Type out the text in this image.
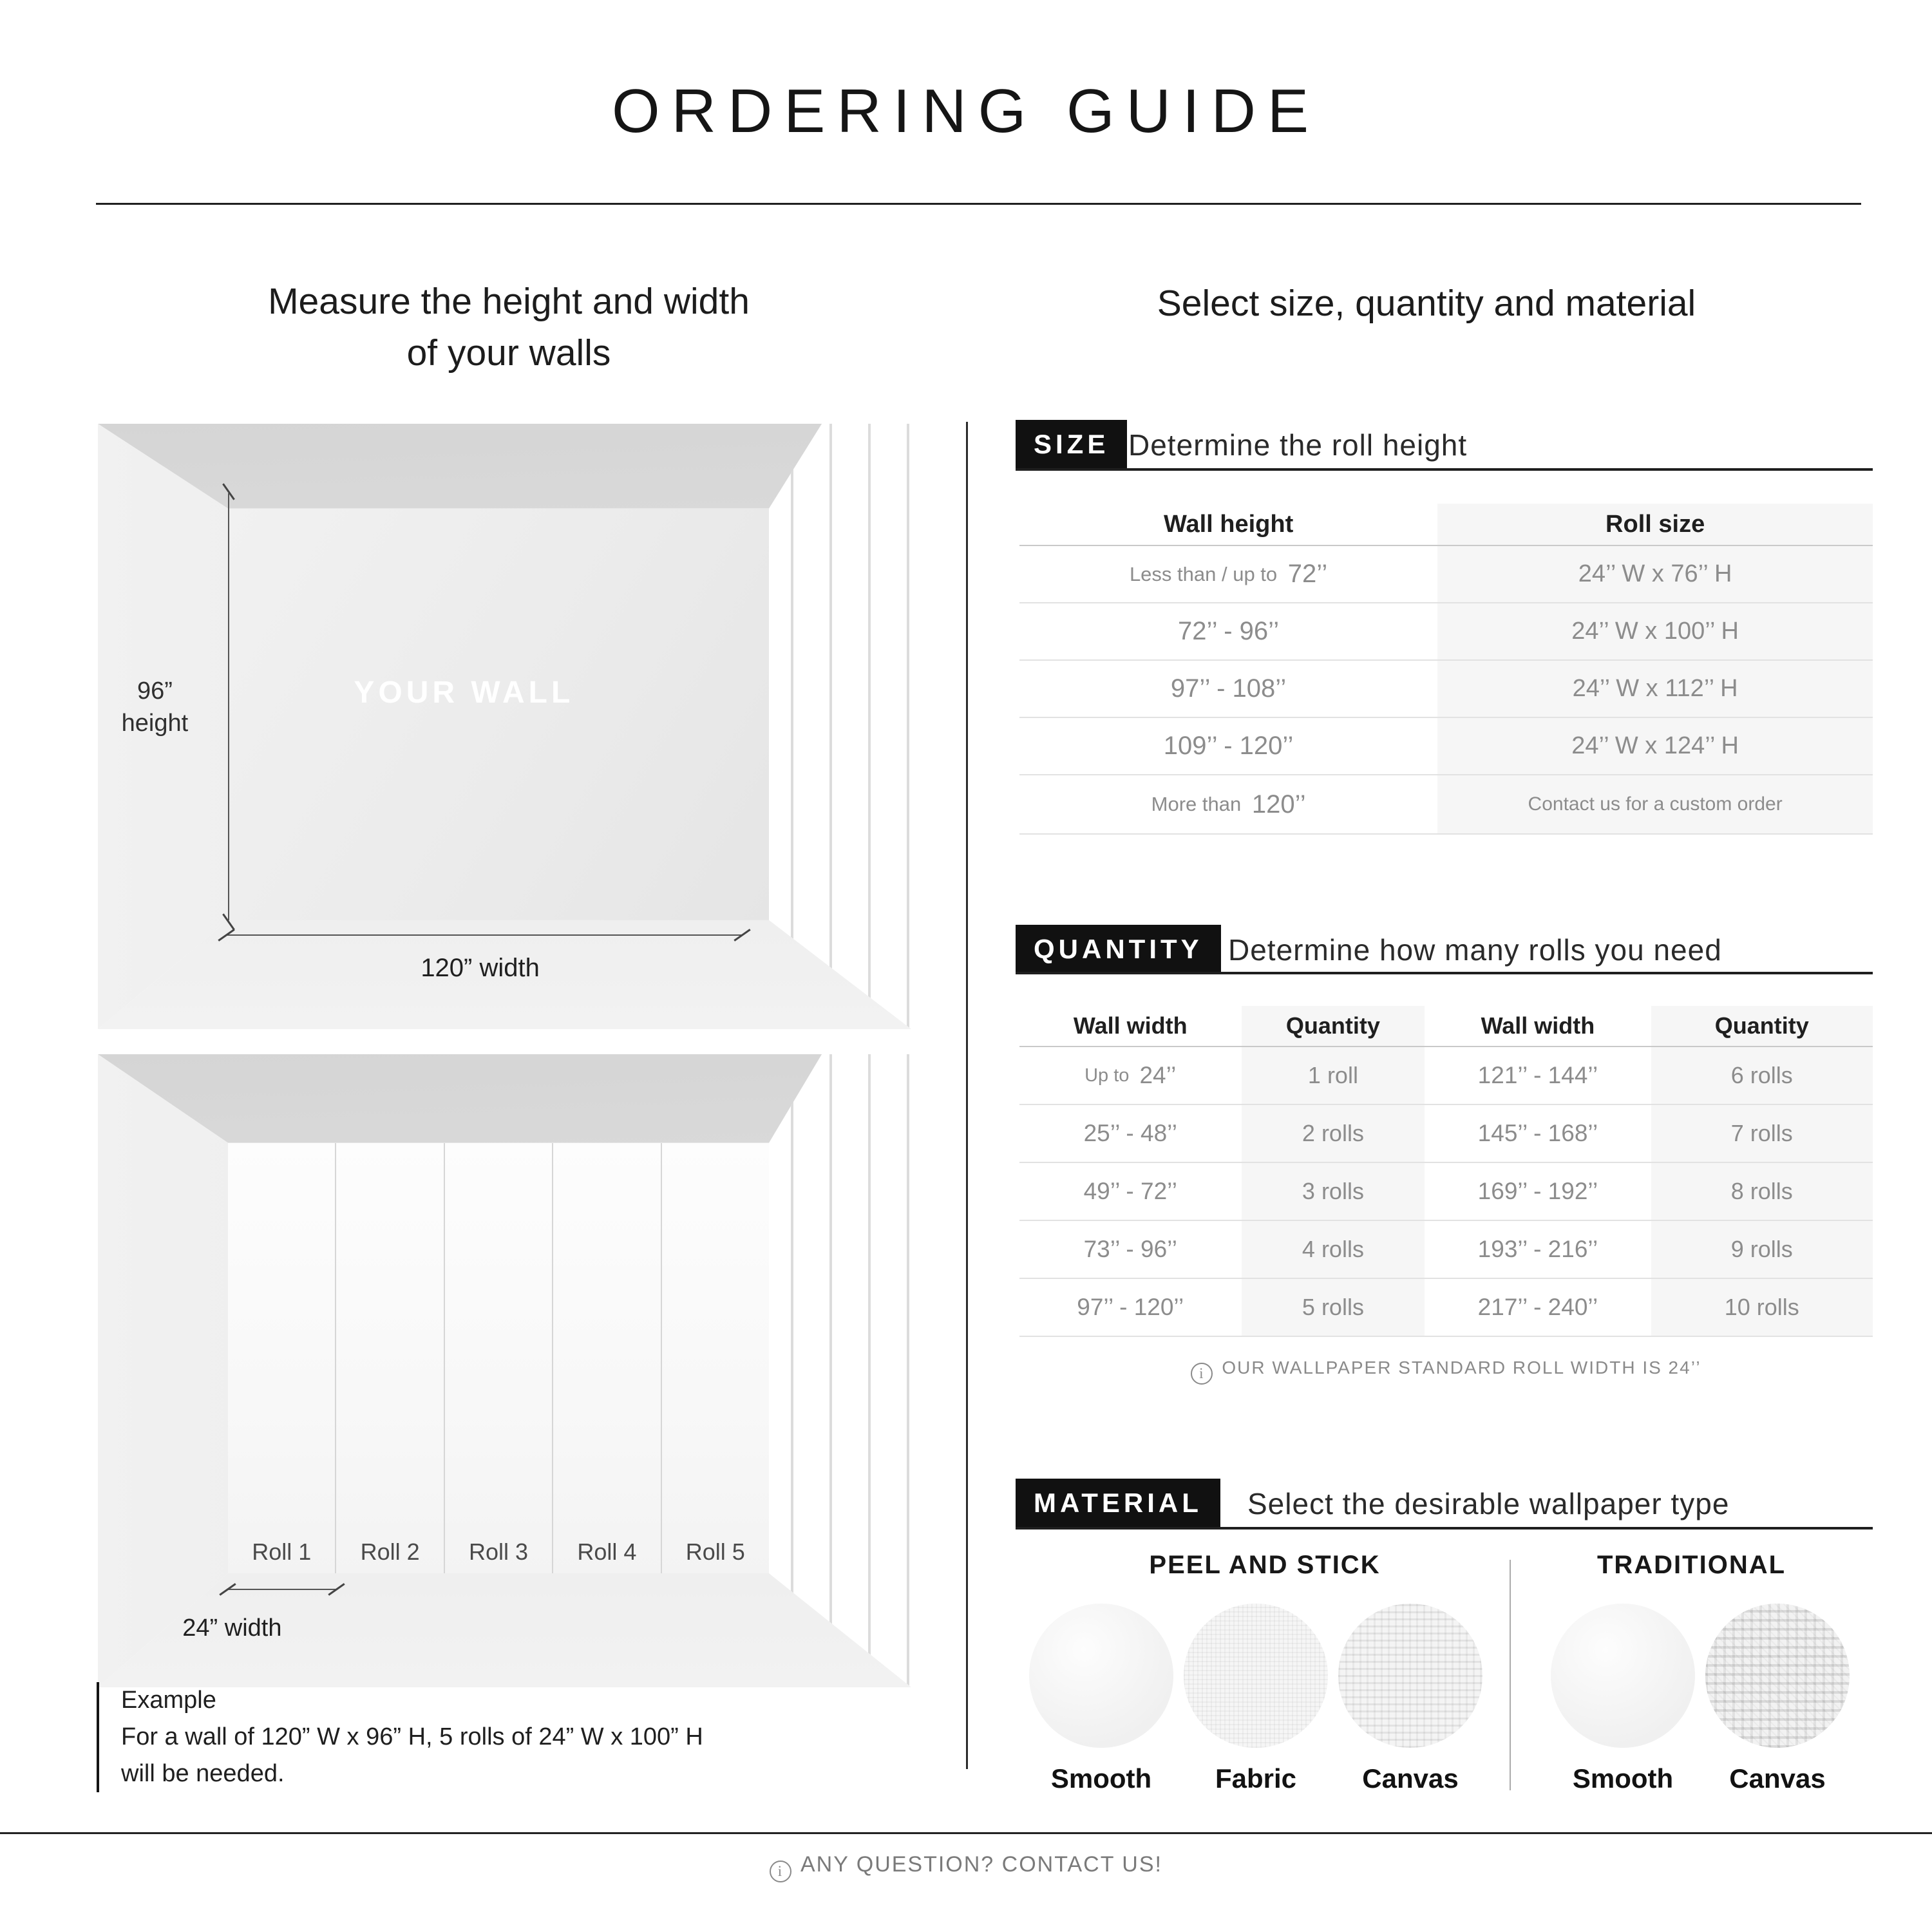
ORDERING GUIDE
Measure the height and width
of your walls
96”
height
YOUR WALL
120” width
Roll 1	Roll 2	Roll 3	Roll 4	Roll 5
24” width
Example
For a wall of 120” W x 96” H, 5 rolls of 24” W x 100” H
will be needed.
Select size, quantity and material
SIZE Determine the roll height
Wall height	Roll size
Less than / up to 72’’	24’’ W x 76’’ H
72’’ - 96’’	24’’ W x 100’’ H
97’’ - 108’’	24’’ W x 112’’ H
109’’ - 120’’	24’’ W x 124’’ H
More than 120’’	Contact us for a custom order
QUANTITY Determine how many rolls you need
Wall width	Quantity	Wall width	Quantity
Up to 24’’	1 roll	121’’ - 144’’	6 rolls
25’’ - 48’’	2 rolls	145’’ - 168’’	7 rolls
49’’ - 72’’	3 rolls	169’’ - 192’’	8 rolls
73’’ - 96’’	4 rolls	193’’ - 216’’	9 rolls
97’’ - 120’’	5 rolls	217’’ - 240’’	10 rolls
iOUR WALLPAPER STANDARD ROLL WIDTH IS 24’’
MATERIAL	Select the desirable wallpaper type
PEEL AND STICK	TRADITIONAL
Smooth	Fabric	Canvas	Smooth	Canvas
iANY QUESTION? CONTACT US!
